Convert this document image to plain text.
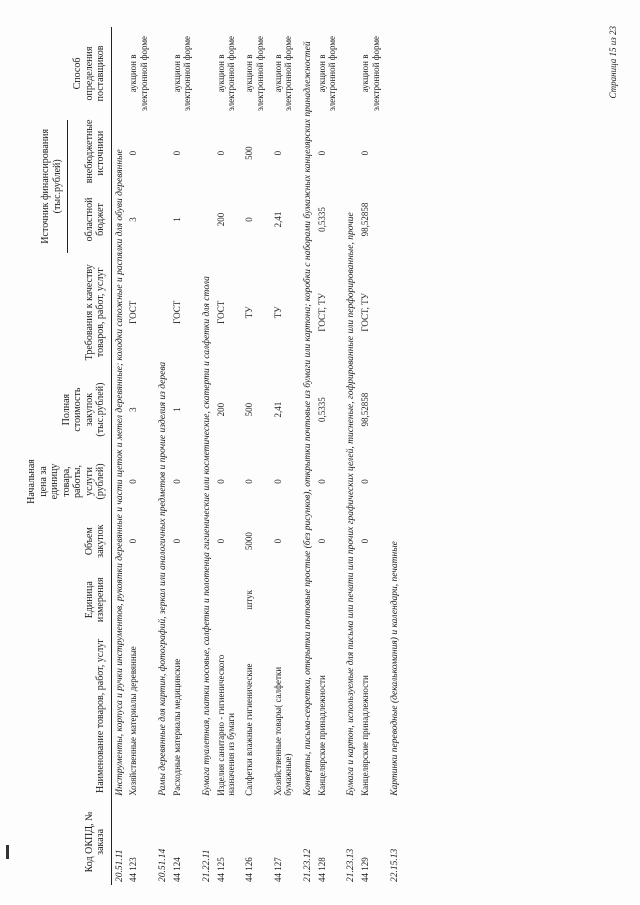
Код ОКПД, № заказа	Наименование товаров, работ, услуг	Единица измерения	Объем закупок	Начальная цена за единицу товара, работы, услуги (рублей)	Полная стоимость закупок (тыс.рублей)	Требования к качеству товаров, работ, услуг	Источник финансирования (тыс.рублей)		Способ определения поставщиков
							областной бюджет	внебюджетные источники	
20.51.11	Инструменты, корпуса и ручки инструментов, рукоятки деревянные и части щеток и метел деревянные; колодки сапожные и распялки для обуви деревянные								
44 123	Хозяйственные материалы деревянные		0	0	3	ГОСТ	3	0	аукцион в электронной форме
20.51.14	Рамы деревянные для картин, фотографий, зеркал или аналогичных предметов и прочие изделия из дерева								
44 124	Расходные материалы медицинские		0	0	1	ГОСТ	1	0	аукцион в электронной форме
21.22.11	Бумага туалетная, платки носовые, салфетки и полотенца гигиенические или косметические, скатерти и салфетки для стола								
44 125	Изделия санитарно - гигиенического назначения из бумаги		0	0	200	ГОСТ	200	0	аукцион в электронной форме
44 126	Салфетки влажные гигиенические	штук	5000	0	500	ТУ	0	500	аукцион в электронной форме
44 127	Хозяйственные товары( салфетки бумажные)		0	0	2,41	ТУ	2,41	0	аукцион в электронной форме
21.23.12	Конверты, письма-секретки, открытки почтовые простые (без рисунков), открытки почтовые из бумаги или картона; коробки с наборами бумажных канцелярских принадлежностей								
44 128	Канцелярские принадлежности		0	0	0,5335	ГОСТ, ТУ	0,5335	0	аукцион в электронной форме
21.23.13	Бумага и картон, используемые для письма или печати или прочих графических целей, тисненые, гофрированные или перфорированные, прочие								
44 129	Канцелярские принадлежности		0	0	98,52858	ГОСТ, ТУ	98,52858	0	аукцион в электронной форме
22.15.13	Картинки переводные (декалькомания) и календари, печатные								
Страница 15 из 23
